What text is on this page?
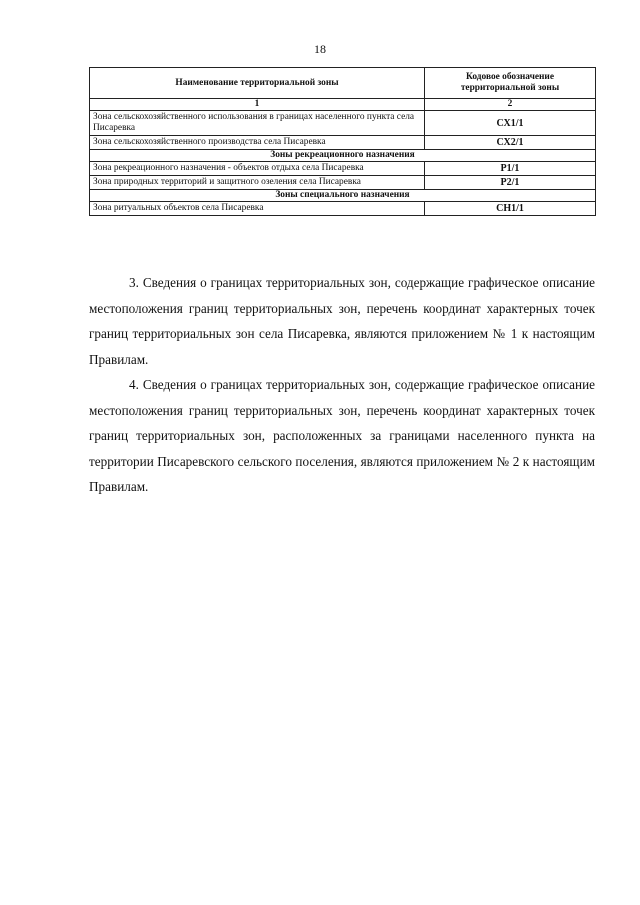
18
Наименование территориальной зоны	Кодовое обозначение территориальной зоны
1	2
Зона сельскохозяйственного использования в границах населенного пункта села Писаревка	СХ1/1
Зона сельскохозяйственного производства села Писаревка	СХ2/1
Зоны рекреационного назначения	
Зона рекреационного назначения - объектов отдыха села Писаревка	Р1/1
Зона природных территорий и защитного озеления села Писаревка	Р2/1
Зоны специального назначения	
Зона ритуальных объектов села Писаревка	СН1/1

3. Сведения о границах территориальных зон, содержащие графическое описание местоположения границ территориальных зон, перечень координат характерных точек границ территориальных зон села Писаревка, являются приложением № 1 к настоящим Правилам.

4. Сведения о границах территориальных зон, содержащие графическое описание местоположения границ территориальных зон, перечень координат характерных точек границ территориальных зон, расположенных за границами населенного пункта на территории Писаревского сельского поселения, являются приложением № 2 к настоящим Правилам.
